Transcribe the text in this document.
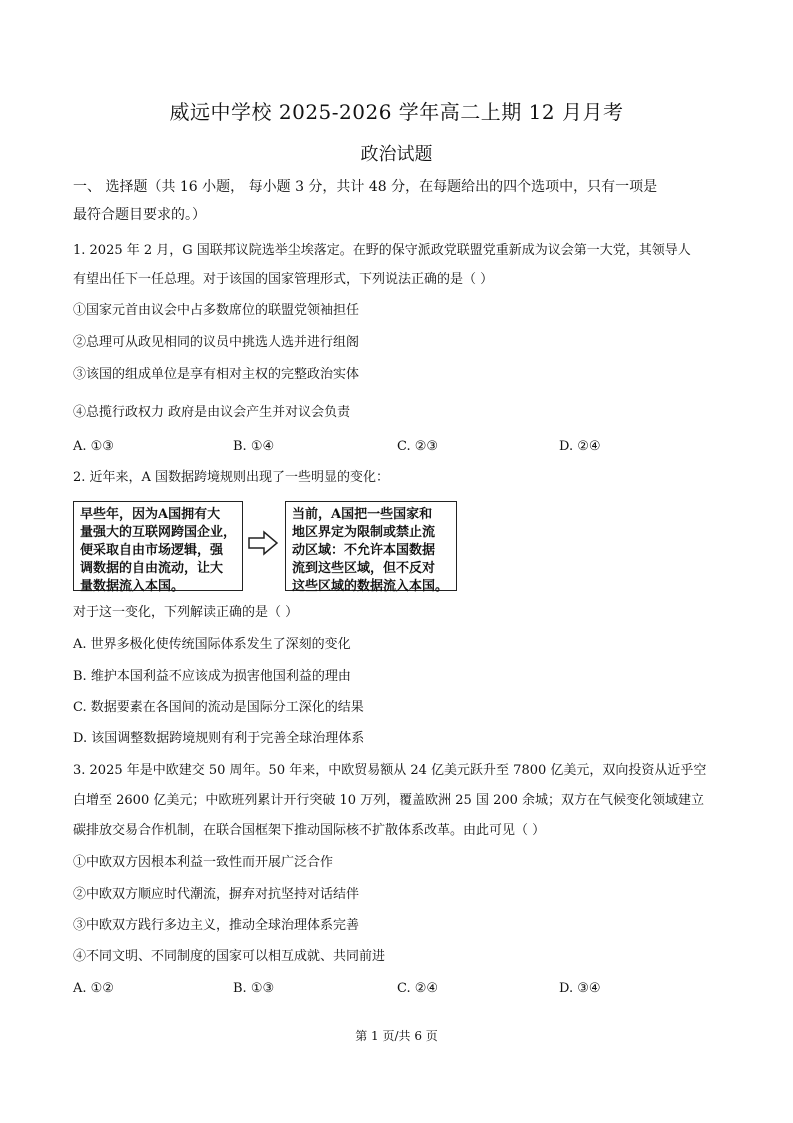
威远中学校 2025-2026 学年高二上期 12 月月考
政治试题
一、 选择题（共 16 小题， 每小题 3 分，共计 48 分，在每题给出的四个选项中，只有一项是
最符合题目要求的。）
1. 2025 年 2 月，G 国联邦议院选举尘埃落定。在野的保守派政党联盟党重新成为议会第一大党，其领导人
有望出任下一任总理。对于该国的国家管理形式，下列说法正确的是（ ）
①国家元首由议会中占多数席位的联盟党领袖担任
②总理可从政见相同的议员中挑选人选并进行组阁
③该国的组成单位是享有相对主权的完整政治实体
④总揽行政权力 政府是由议会产生并对议会负责
A. ①③	B. ①④	C. ②③	D. ②④
2. 近年来，A 国数据跨境规则出现了一些明显的变化：
早些年，因为A国拥有大
量强大的互联网跨国企业，
便采取自由市场逻辑，强
调数据的自由流动，让大
量数据流入本国。
当前，A国把一些国家和
地区界定为限制或禁止流
动区域：不允许本国数据
流到这些区域，但不反对
这些区域的数据流入本国。
对于这一变化，下列解读正确的是（ ）
A. 世界多极化使传统国际体系发生了深刻的变化
B. 维护本国利益不应该成为损害他国利益的理由
C. 数据要素在各国间的流动是国际分工深化的结果
D. 该国调整数据跨境规则有利于完善全球治理体系
3. 2025 年是中欧建交 50 周年。50 年来，中欧贸易额从 24 亿美元跃升至 7800 亿美元，双向投资从近乎空
白增至 2600 亿美元；中欧班列累计开行突破 10 万列，覆盖欧洲 25 国 200 余城；双方在气候变化领域建立
碳排放交易合作机制，在联合国框架下推动国际核不扩散体系改革。由此可见（ ）
①中欧双方因根本利益一致性而开展广泛合作
②中欧双方顺应时代潮流，摒弃对抗坚持对话结伴
③中欧双方践行多边主义，推动全球治理体系完善
④不同文明、不同制度的国家可以相互成就、共同前进
A. ①②	B. ①③	C. ②④	D. ③④
第 1 页/共 6 页
